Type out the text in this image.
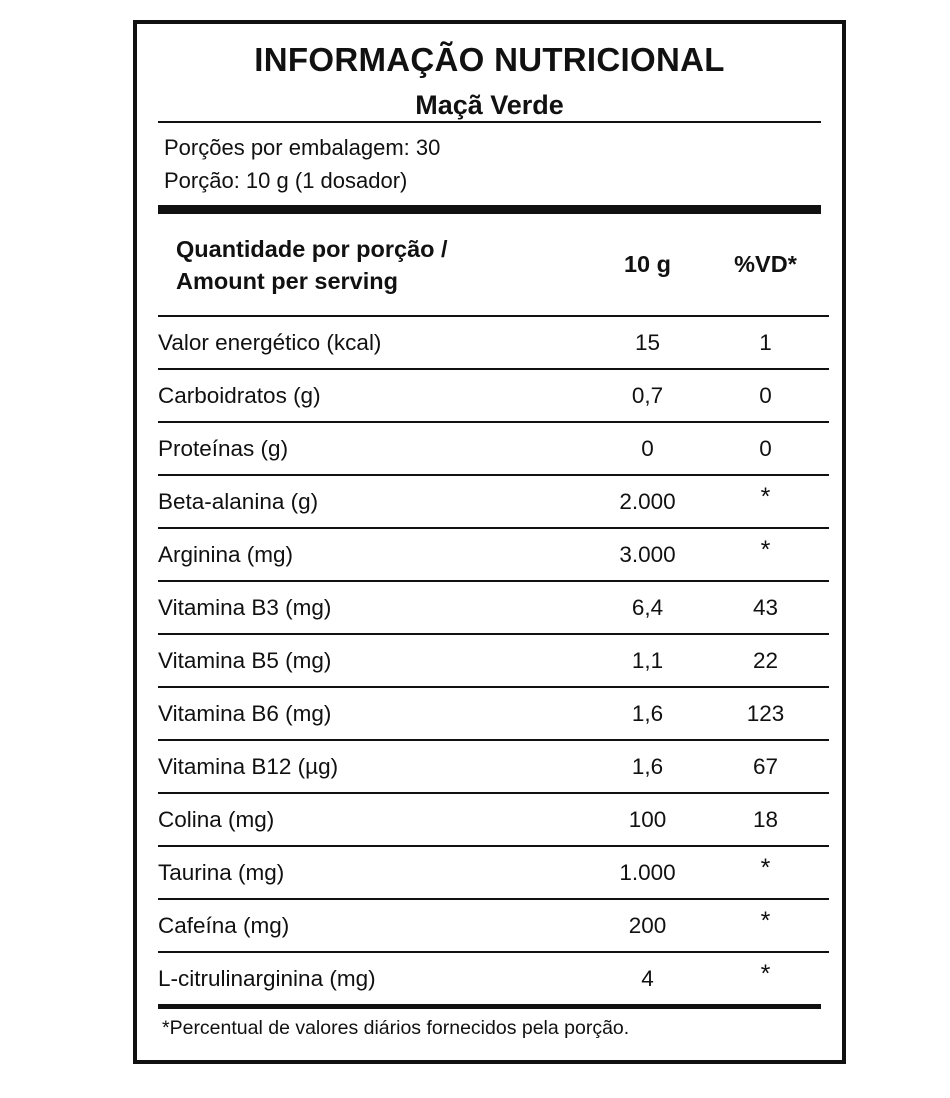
INFORMAÇÃO NUTRICIONAL
Maçã Verde
Porções por embalagem: 30
Porção: 10 g (1 dosador)
Quantidade por porção /
Amount per serving	10 g	%VD*
Valor energético (kcal)	15	1
Carboidratos (g)	0,7	0
Proteínas (g)	0	0
Beta-alanina (g)	2.000	*
Arginina (mg)	3.000	*
Vitamina B3 (mg)	6,4	43
Vitamina B5 (mg)	1,1	22
Vitamina B6 (mg)	1,6	123
Vitamina B12 (µg)	1,6	67
Colina (mg)	100	18
Taurina (mg)	1.000	*
Cafeína (mg)	200	*
L-citrulinarginina (mg)	4	*
*Percentual de valores diários fornecidos pela porção.
